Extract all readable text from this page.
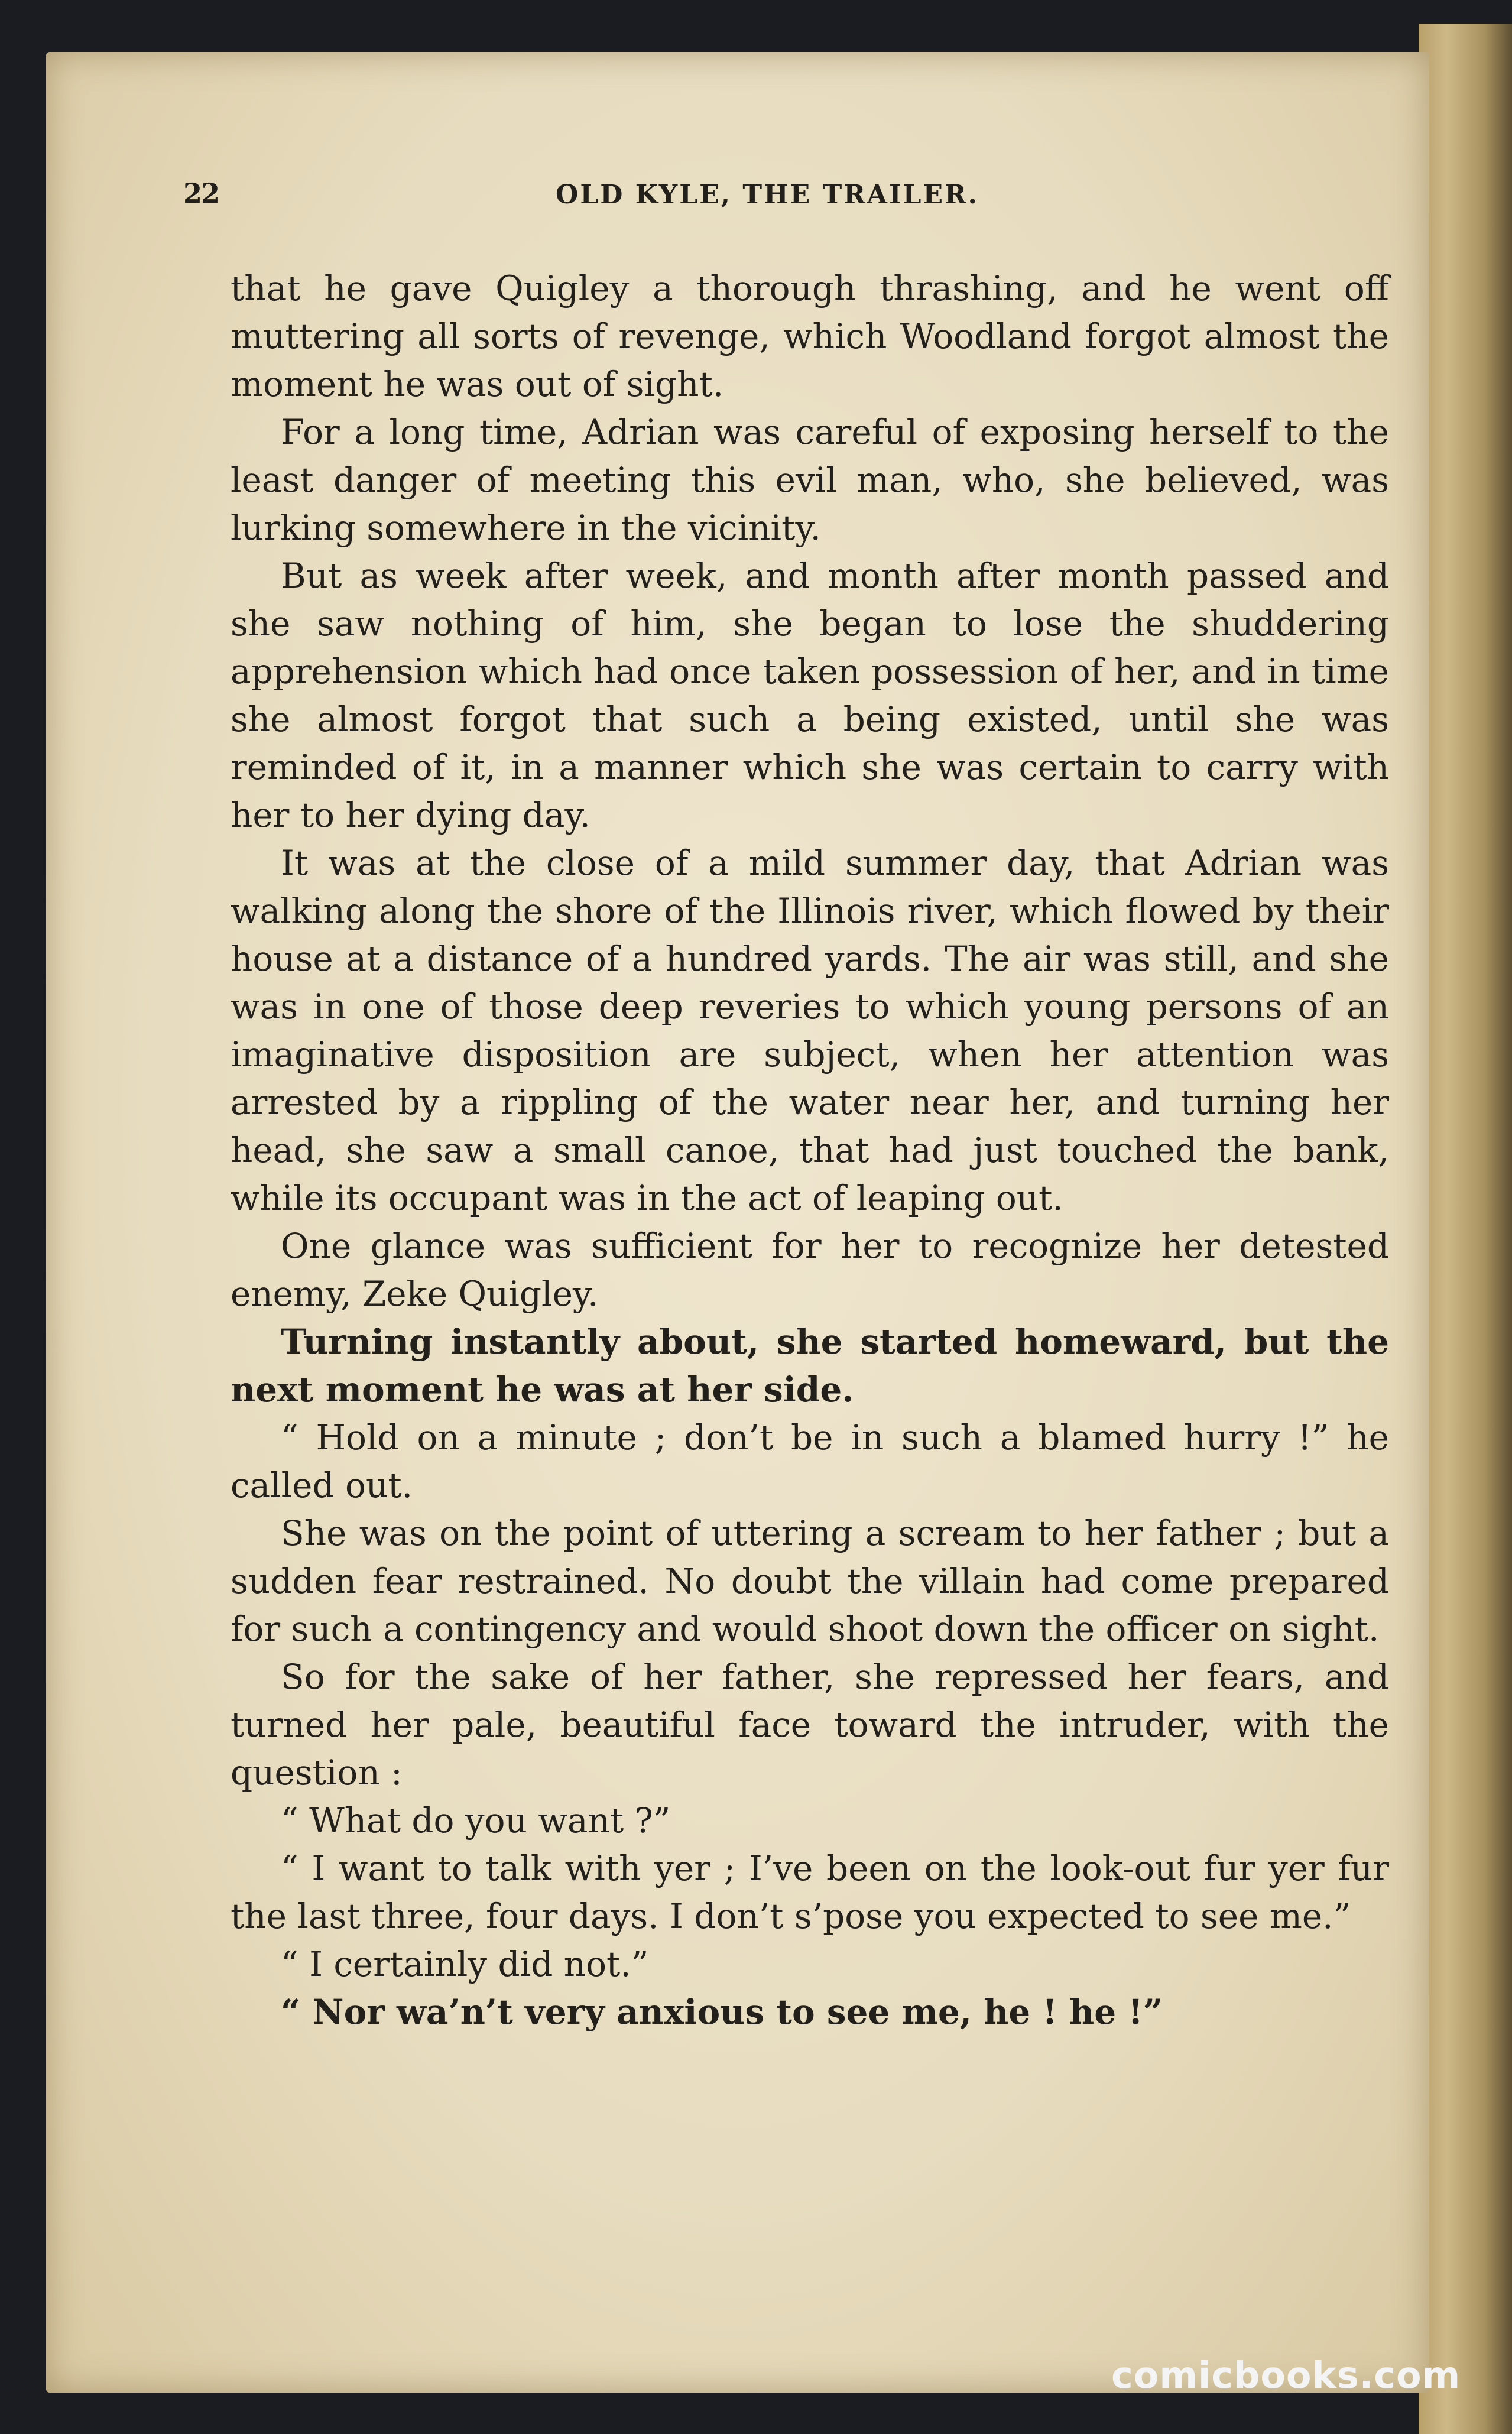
22	OLD KYLE, THE TRAILER.

that he gave Quigley a thorough thrashing, and he went off muttering all sorts of revenge, which Woodland forgot almost the moment he was out of sight.

For a long time, Adrian was careful of exposing herself to the least danger of meeting this evil man, who, she believed, was lurking somewhere in the vicinity.

But as week after week, and month after month passed and she saw nothing of him, she began to lose the shuddering apprehension which had once taken possession of her, and in time she almost forgot that such a being existed, until she was reminded of it, in a manner which she was certain to carry with her to her dying day.

It was at the close of a mild summer day, that Adrian was walking along the shore of the Illinois river, which flowed by their house at a distance of a hundred yards. The air was still, and she was in one of those deep reveries to which young persons of an imaginative disposition are subject, when her attention was arrested by a rippling of the water near her, and turning her head, she saw a small canoe, that had just touched the bank, while its occupant was in the act of leaping out.

One glance was sufficient for her to recognize her detested enemy, Zeke Quigley.

Turning instantly about, she started homeward, but the next moment he was at her side.

“ Hold on a minute ; don’t be in such a blamed hurry !” he called out.

She was on the point of uttering a scream to her father ; but a sudden fear restrained. No doubt the villain had come prepared for such a contingency and would shoot down the officer on sight.

So for the sake of her father, she repressed her fears, and turned her pale, beautiful face toward the intruder, with the question :

“ What do you want ?”

“ I want to talk with yer ; I’ve been on the look-out fur yer fur the last three, four days. I don’t s’pose you expected to see me.”

“ I certainly did not.”

“ Nor wa’n’t very anxious to see me, he ! he !”

comicbooks.com
